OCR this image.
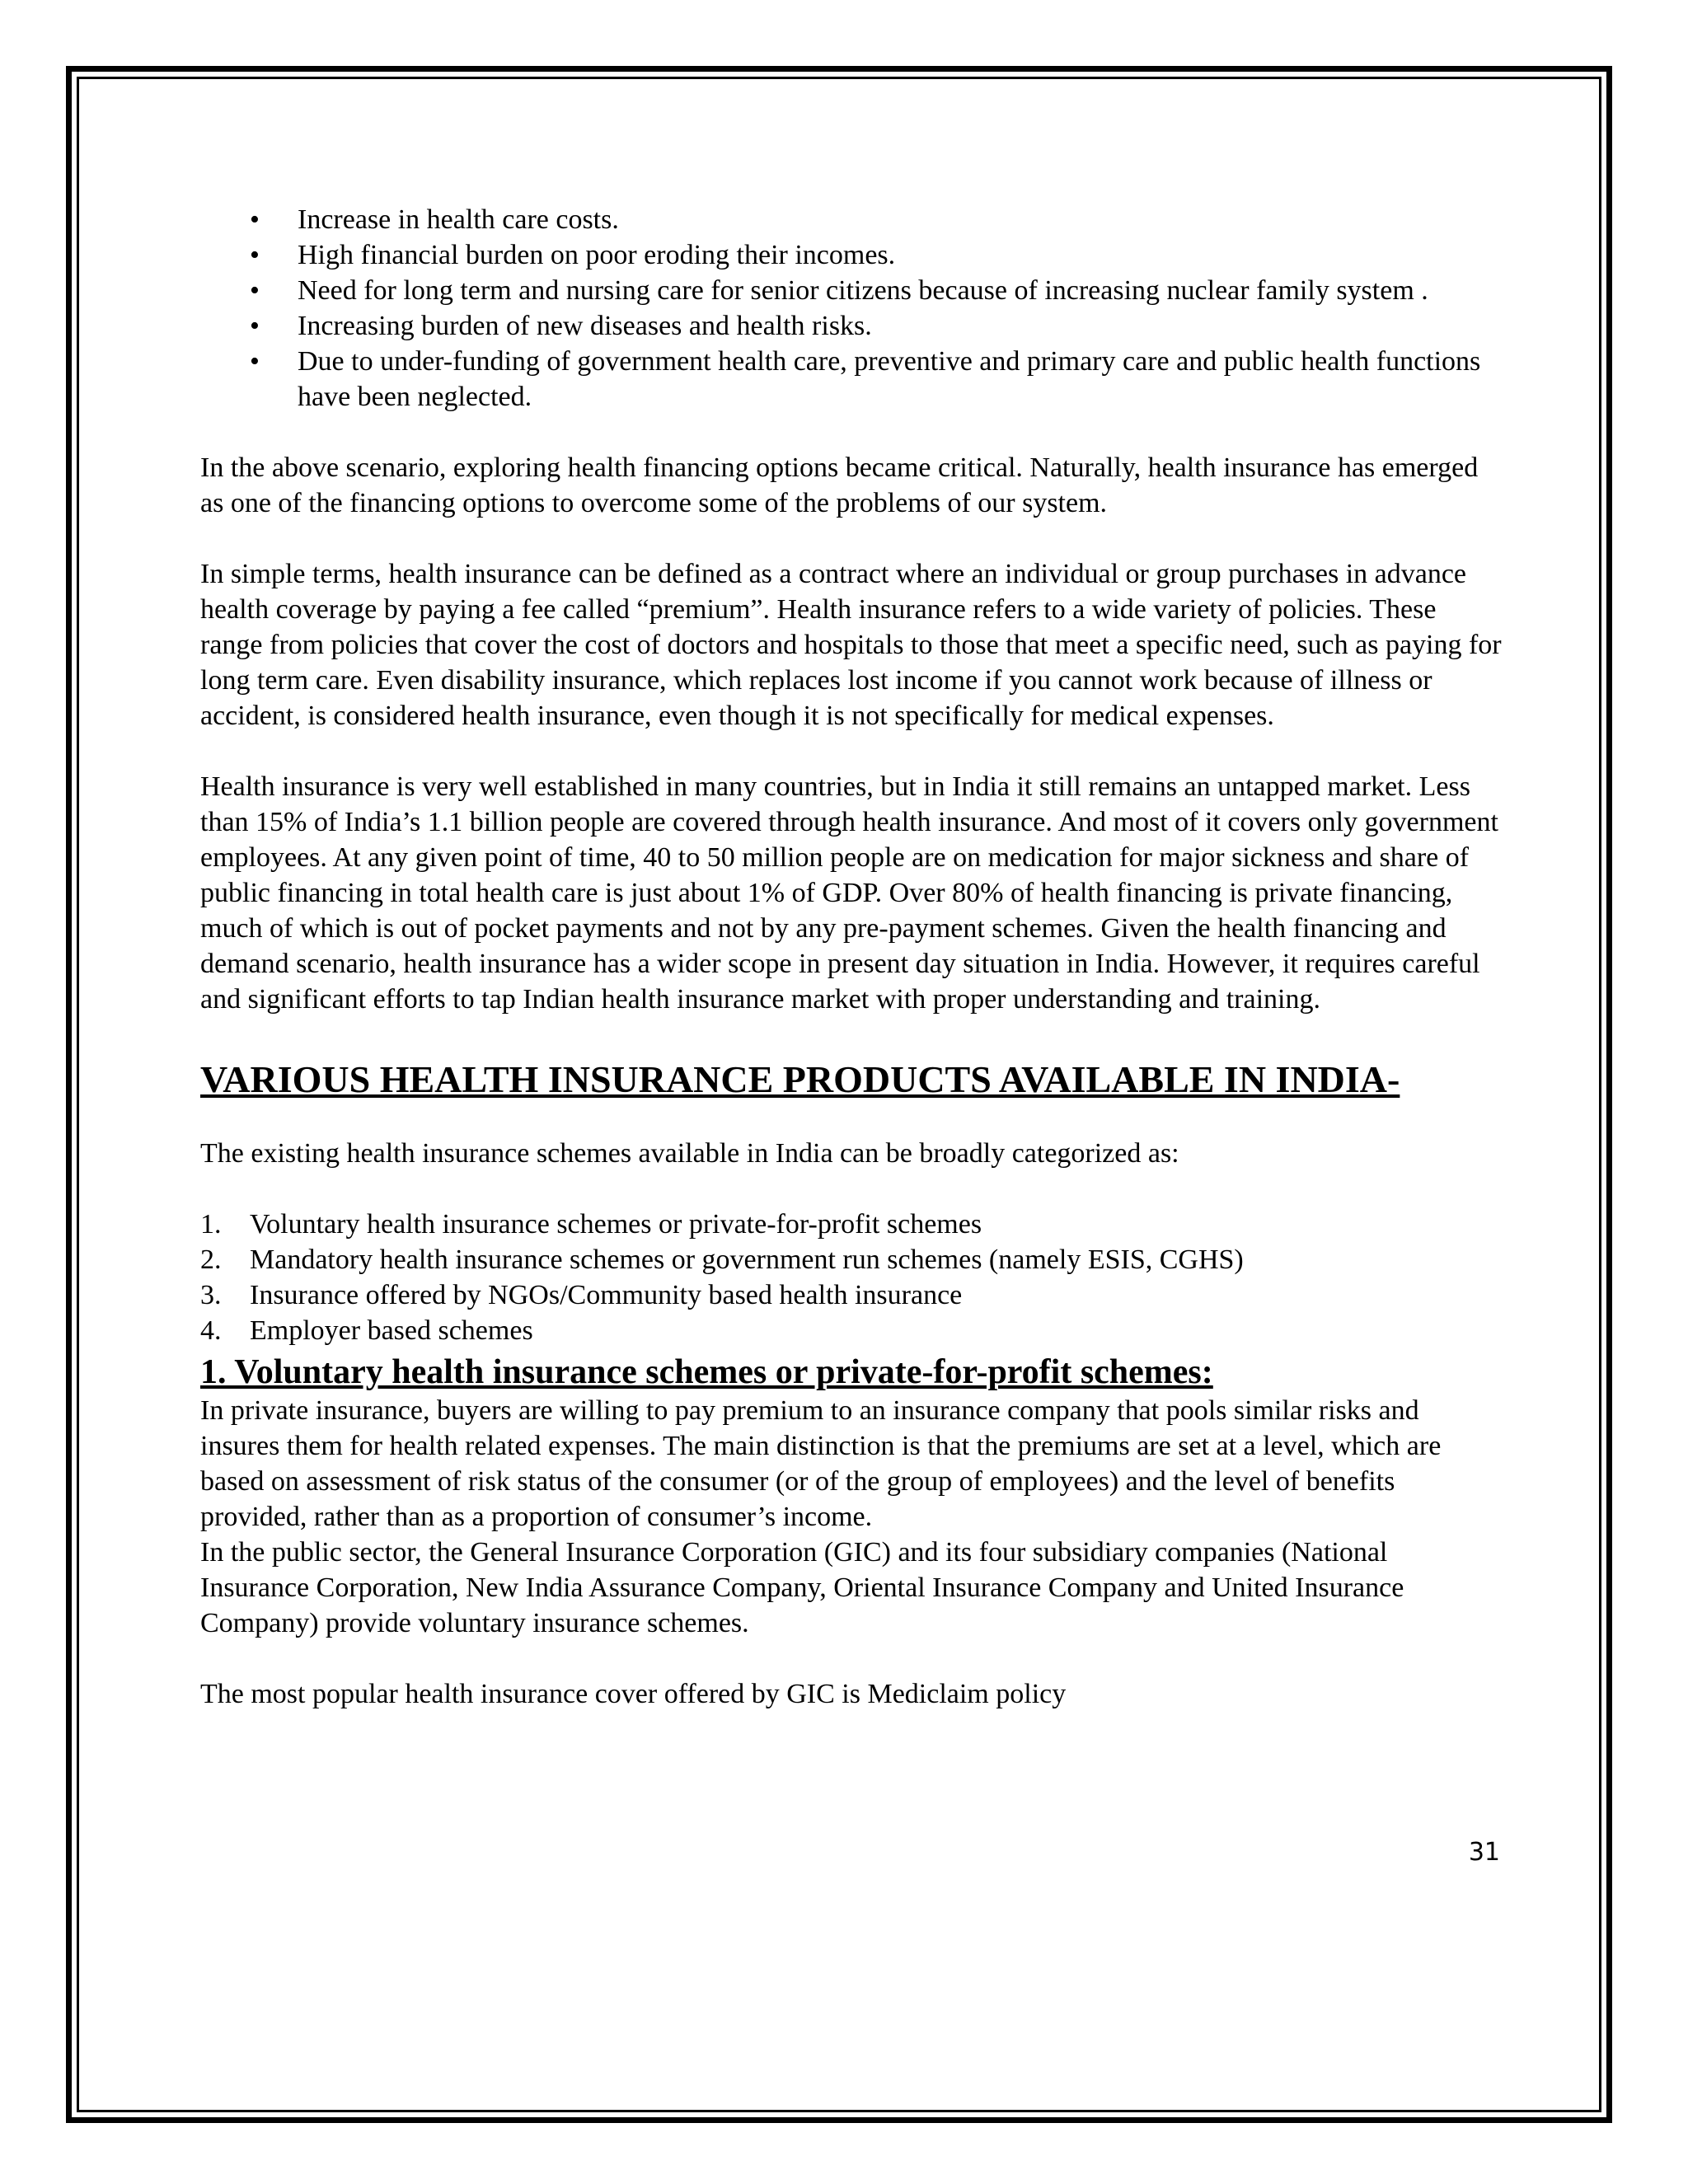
• Increase in health care costs.
• High financial burden on poor eroding their incomes.
• Need for long term and nursing care for senior citizens because of increasing nuclear family system .
• Increasing burden of new diseases and health risks.
• Due to under-funding of government health care, preventive and primary care and public health functions have been neglected.

In the above scenario, exploring health financing options became critical. Naturally, health insurance has emerged as one of the financing options to overcome some of the problems of our system.

In simple terms, health insurance can be defined as a contract where an individual or group purchases in advance health coverage by paying a fee called “premium”. Health insurance refers to a wide variety of policies. These range from policies that cover the cost of doctors and hospitals to those that meet a specific need, such as paying for long term care. Even disability insurance, which replaces lost income if you cannot work because of illness or accident, is considered health insurance, even though it is not specifically for medical expenses.

Health insurance is very well established in many countries, but in India it still remains an untapped market. Less than 15% of India’s 1.1 billion people are covered through health insurance. And most of it covers only government employees. At any given point of time, 40 to 50 million people are on medication for major sickness and share of public financing in total health care is just about 1% of GDP. Over 80% of health financing is private financing, much of which is out of pocket payments and not by any pre-payment schemes. Given the health financing and demand scenario, health insurance has a wider scope in present day situation in India. However, it requires careful and significant efforts to tap Indian health insurance market with proper understanding and training.

VARIOUS HEALTH INSURANCE PRODUCTS AVAILABLE IN INDIA-

The existing health insurance schemes available in India can be broadly categorized as:

1. Voluntary health insurance schemes or private-for-profit schemes
2. Mandatory health insurance schemes or government run schemes (namely ESIS, CGHS)
3. Insurance offered by NGOs/Community based health insurance
4. Employer based schemes
1. Voluntary health insurance schemes or private-for-profit schemes:

In private insurance, buyers are willing to pay premium to an insurance company that pools similar risks and insures them for health related expenses. The main distinction is that the premiums are set at a level, which are based on assessment of risk status of the consumer (or of the group of employees) and the level of benefits provided, rather than as a proportion of consumer’s income.

In the public sector, the General Insurance Corporation (GIC) and its four subsidiary companies (National Insurance Corporation, New India Assurance Company, Oriental Insurance Company and United Insurance Company) provide voluntary insurance schemes.

The most popular health insurance cover offered by GIC is Mediclaim policy

31
